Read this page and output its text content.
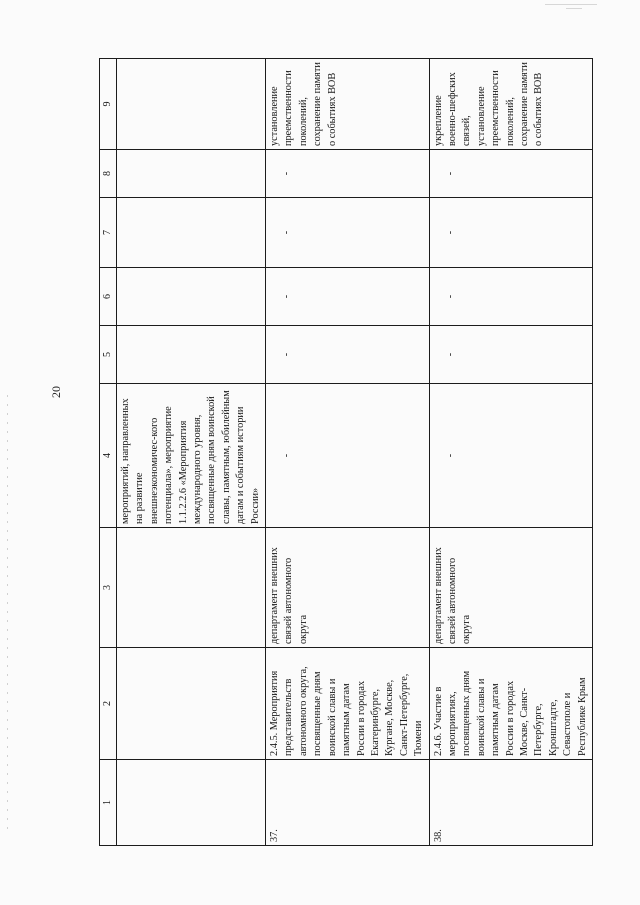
20
1	2	3	4	5	6	7	8	9
			мероприятий, направленных на развитие внешнеэкономичес-кого потенциала», мероприятие 1.1.2.2.6 «Мероприятия международного уровня, посвященные дням воинской славы, памятным, юбилейным датам и событиям истории России»					
37.	2.4.5. Мероприятия представительств автономного округа, посвященные дням воинской славы и памятным датам России в городах Екатеринбурге, Кургане, Москве, Санкт-Петербурге, Тюмени	департамент внешних связей автономного округа	-	-	-	-	-	установление преемственности поколений, сохранение памяти о событиях ВОВ
38.	2.4.6. Участие в мероприятиях, посвященных дням воинской славы и памятным датам России в городах Москве, Санкт-Петербурге, Кронштадте, Севастополе и Республике Крым	департамент внешних связей автономного округа	-	-	-	-	-	укрепление военно-шефских связей, установление преемственности поколений, сохранение памяти о событиях ВОВ
